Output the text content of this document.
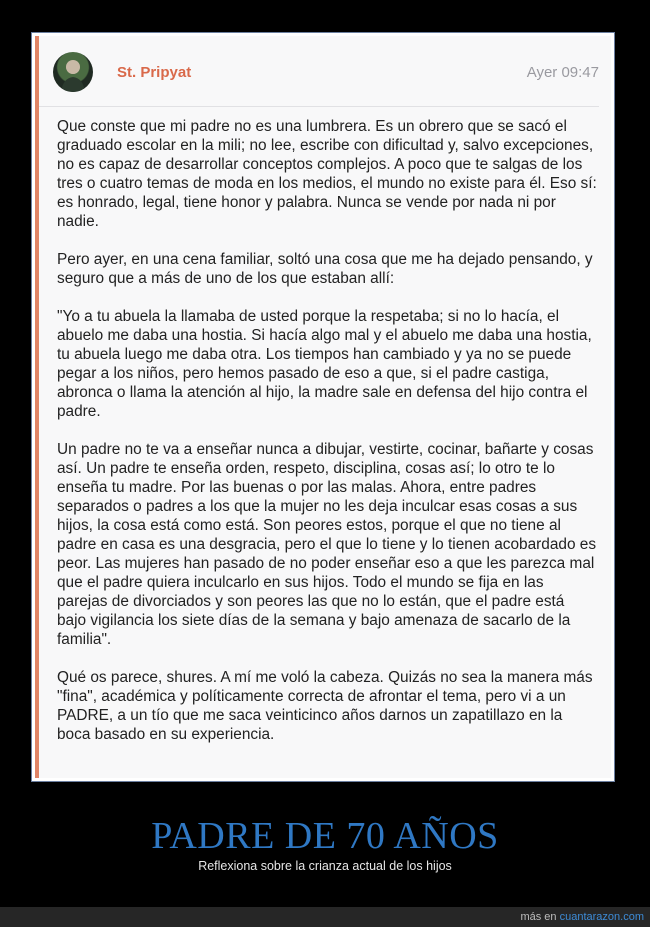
St. Pripyat	Ayer 09:47

Que conste que mi padre no es una lumbrera. Es un obrero que se sacó el graduado escolar en la mili; no lee, escribe con dificultad y, salvo excepciones, no es capaz de desarrollar conceptos complejos. A poco que te salgas de los tres o cuatro temas de moda en los medios, el mundo no existe para él. Eso sí: es honrado, legal, tiene honor y palabra. Nunca se vende por nada ni por nadie.

Pero ayer, en una cena familiar, soltó una cosa que me ha dejado pensando, y seguro que a más de uno de los que estaban allí:

"Yo a tu abuela la llamaba de usted porque la respetaba; si no lo hacía, el abuelo me daba una hostia. Si hacía algo mal y el abuelo me daba una hostia, tu abuela luego me daba otra. Los tiempos han cambiado y ya no se puede pegar a los niños, pero hemos pasado de eso a que, si el padre castiga, abronca o llama la atención al hijo, la madre sale en defensa del hijo contra el padre.

Un padre no te va a enseñar nunca a dibujar, vestirte, cocinar, bañarte y cosas así. Un padre te enseña orden, respeto, disciplina, cosas así; lo otro te lo enseña tu madre. Por las buenas o por las malas. Ahora, entre padres separados o padres a los que la mujer no les deja inculcar esas cosas a sus hijos, la cosa está como está. Son peores estos, porque el que no tiene al padre en casa es una desgracia, pero el que lo tiene y lo tienen acobardado es peor. Las mujeres han pasado de no poder enseñar eso a que les parezca mal que el padre quiera inculcarlo en sus hijos. Todo el mundo se fija en las parejas de divorciados y son peores las que no lo están, que el padre está bajo vigilancia los siete días de la semana y bajo amenaza de sacarlo de la familia".

Qué os parece, shures. A mí me voló la cabeza. Quizás no sea la manera más "fina", académica y políticamente correcta de afrontar el tema, pero vi a un PADRE, a un tío que me saca veinticinco años darnos un zapatillazo en la boca basado en su experiencia.

PADRE DE 70 AÑOS
Reflexiona sobre la crianza actual de los hijos
más en cuantarazon.com
